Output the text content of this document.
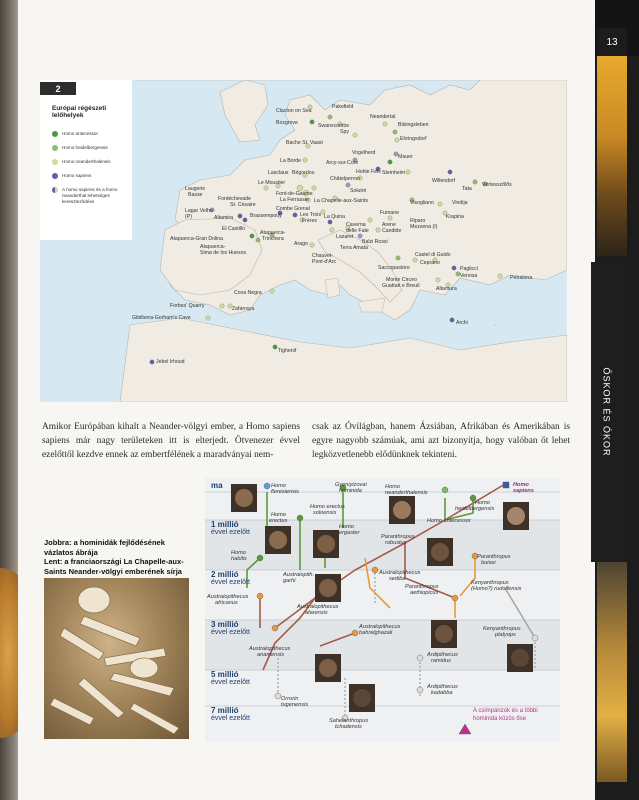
13
ŐSKOR ÉS ÓKOR
Clacton on Sea
Pakefield
Boxgrove	Swanscombe
Neandertal
Bilzingsleben
Spy
Ehringsdorf
Bache St. Vaast
Vogelherd
Mauer
La Borde	Arcy-sur-Cure
Hohle Fels Steinheim
Willendorf
Lasclaux Bégordou
Châtelperron
Tata
Vértesszőlős
Le Moustier
Solutré
Laugerie
Basse	Font-de-Gaume
Fontéchevade	La Ferrassie La Chapelle-aux-Saints
Lagar Velho
(P)
St. Césaire	Visogliano	Vindija
Combe Grenal
Krapina
Altamira	Brassempouy	Les Trois
Frères
La Quina
Fumane
El Castillo
Caverna
delle Fate
Arene
Candide
Riparo
Mezzena (I)
Atapuerca-Gran Dolina
Atapuerca-
Trinchera
Arago
Lazaret
Terra Amata
Balzi Rossi
Atapuerca-
Sima de los Huesos	Chauvet-
Pont-d'Arc
Castel di Guido
Ceprano
Saccopastore	Paglicci
Venosa
Monte Circeo
Guattari e Breuil	Altamura
Petralona
Cova Negra
Forbes' Quarry	Zafarraya
Gibilterra-Gorham's Cave
Archi
Jebel Irhoud
Tighenif
2
Európai régészeti lelőhelyek
Homo antecessor
Homo heidelbergensis
Homo neanderthalensis
Homo sapiens
A homo sapiens és a homo neanderthal lehetséges keresztezõdése
Amikor Európában kihalt a Neander-völgyi ember, a Homo sapiens sapiens már nagy területeken itt is elterjedt. Ötvenezer évvel ezelőttől kezdve ennek az embertfélének a maradványai nem-
csak az Óvilágban, hanem Ázsiában, Afrikában és Amerikában is egyre nagyobb számúak, ami azt bizonyítja, hogy valóban őt lehet legközvetlenebb elődünknek tekinteni.
Jobbra: a hominidák fejlődésének vázlatos ábrája
Lent: a franciaországi La Chapelle-aux-Saints Neander-völgyi emberének sírja
Homo
floresiensis
Gyeniyizovai
hominida
Homo
neanderthalensis
Homo
sapiens
Homo erectus
soloensis
Homo
heidelbergensis
Homo
erectus	Homo antecessor
Homo
ergaster
Paranthropus
robustus
Homo
habilis	Paranthropus
boisei
Australopithecus
sediba
Australopith.
garhi	Kenyanthropus
(Homo?) rudolfensis
Australopithecus
africanus
Paranthropus
aethiopicus
Australopithecus
afarensis
Australopithecus
bahrelghazali
Kenyanthropus
platyops
Australopithecus
anamensis	Ardipithecus
ramidus
Ardipithecus
kadabba
Orrorin
tugenensis
Sahelanthropus
tchadensis
ma
1 millió
évvel ezelőtt
2 millió
évvel ezelőtt
3 millió
évvel ezelőtt
5 millió
évvel ezelőtt
7 millió
évvel ezelőtt
A csimpánzok és a többi hominida közös őse
